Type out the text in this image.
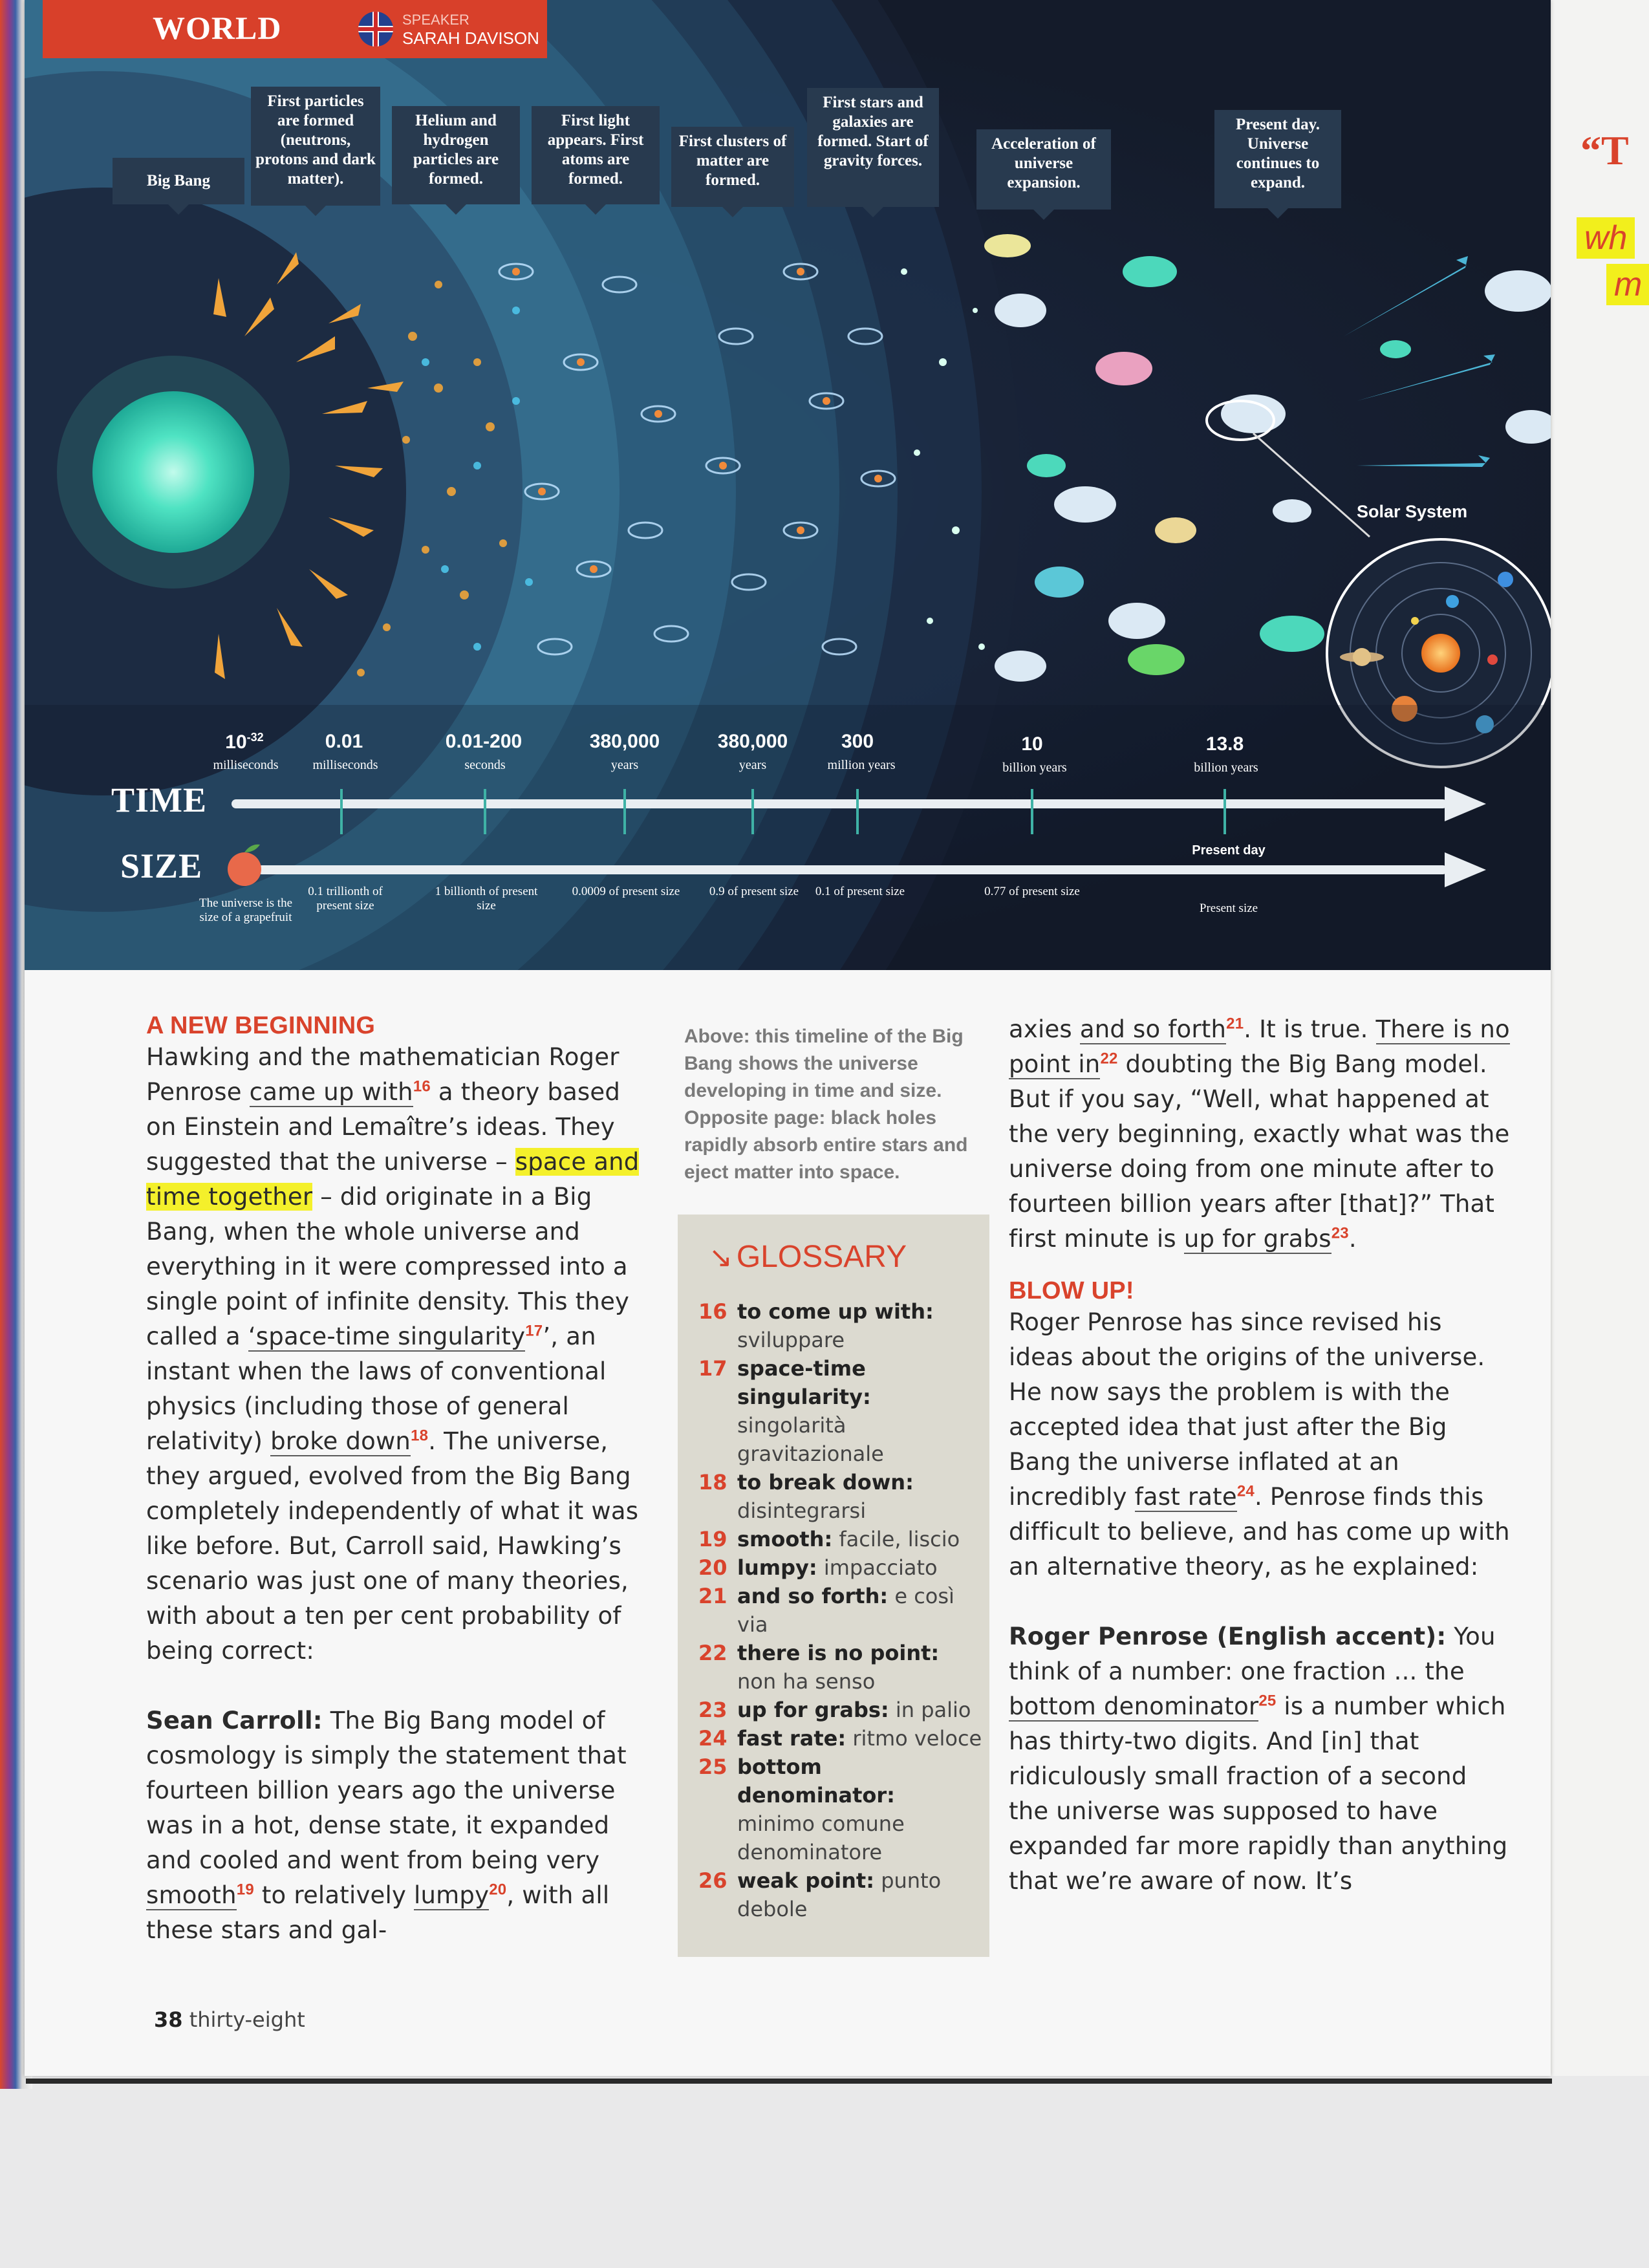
“T
wh
m
WORLD	SPEAKER
SARAH DAVISON
Big Bang
First particles are formed (neutrons, protons and dark matter).
Helium and hydrogen particles are formed.
First light appears. First atoms are formed.
First clusters of matter are formed.
First stars and galaxies are formed. Start of gravity forces.
Acceleration of universe expansion.
Present day. Universe continues to expand.
Solar System
TIME
SIZE
$10^{-32}$	0.01	0.01-200	380,000	380,000	300	10	13.8
milliseconds	milliseconds	seconds	years	years	million years	billion years	billion years
Present day
The universe is the size of a grapefruit
0.1 trillionth of present size
1 billionth of present size
0.0009 of present size	0.9 of present size	0.1 of present size	0.77 of present size
Present size
A NEW BEGINNING

Hawking and the mathematician Roger Penrose came up with$^{16}$ a theory based on Einstein and Lemaître’s ideas. They suggested that the universe – space and time together – did originate in a Big Bang, when the whole universe and everything in it were compressed into a single point of infinite density. This they called a ‘space-time singularity$^{17}$’, an instant when the laws of conventional physics (including those of general relativity) broke down$^{18}$. The universe, they argued, evolved from the Big Bang completely independently of what it was like before. But, Carroll said, Hawking’s scenario was just one of many theories, with about a ten per cent probability of being correct:

Sean Carroll: The Big Bang model of cosmology is simply the statement that fourteen billion years ago the universe was in a hot, dense state, it expanded and cooled and went from being very smooth$^{19}$ to relatively lumpy$^{20}$, with all these stars and gal-

Above: this timeline of the Big Bang shows the universe developing in time and size. Opposite page: black holes rapidly absorb entire stars and eject matter into space.
↘ GLOSSARY
16 to come up with:
sviluppare
17 space-time singularity:
singolarità gravitazionale
18 to break down:
disintegrarsi
19 smooth: facile, liscio
20 lumpy: impacciato
21 and so forth: e così via
22 there is no point:
non ha senso
23 up for grabs: in palio
24 fast rate: ritmo veloce
25 bottom denominator:
minimo comune denominatore
26 weak point: punto debole

axies and so forth$^{21}$. It is true. There is no point $in^{22}$ doubting the Big Bang model. But if you say, “Well, what happened at the very beginning, exactly what was the universe doing from one minute after to fourteen billion years after [that]?” That first minute is up for grabs$^{23}$.

BLOW UP!

Roger Penrose has since revised his ideas about the origins of the universe. He now says the problem is with the accepted idea that just after the Big Bang the universe inflated at an incredibly fast rate$^{24}$. Penrose finds this difficult to believe, and has come up with an alternative theory, as he explained:

Roger Penrose (English accent): You think of a number: one fraction ... the bottom denominator$^{25}$ is a number which has thirty-two digits. And [in] that ridiculously small fraction of a second the universe was supposed to have expanded far more rapidly than anything that we’re aware of now. It’s

38 thirty-eight
